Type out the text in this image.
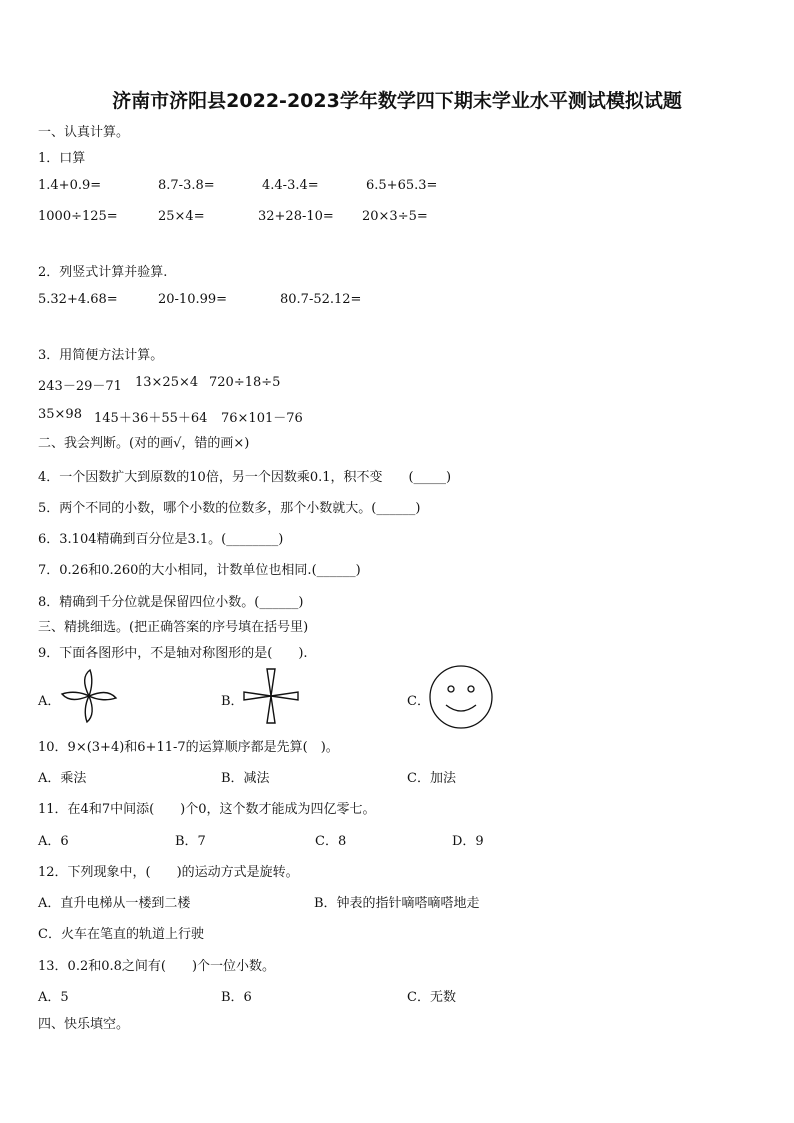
济南市济阳县2022-2023学年数学四下期末学业水平测试模拟试题
一、认真计算。
1．口算
1.4+0.9=	8.7-3.8=	4.4-3.4=	6.5+65.3=
1000÷125=	25×4=	32+28-10= 20×3÷5=
2．列竖式计算并验算.
5.32+4.68=	20-10.99=	80.7-52.12=
3．用简便方法计算。
243－29－71 13×25×4 720÷18÷5
35×98 145＋36＋55＋64 76×101－76
二、我会判断。(对的画√，错的画×)
4．一个因数扩大到原数的10倍，另一个因数乘0.1，积不变　　(_____)
5．两个不同的小数，哪个小数的位数多，那个小数就大。(______)
6．3.104精确到百分位是3.1。(________)
7．0.26和0.260的大小相同，计数单位也相同.(______)
8．精确到千分位就是保留四位小数。(______)
三、精挑细选。(把正确答案的序号填在括号里)
9．下面各图形中，不是轴对称图形的是(　　).
A．	B．	C．
10．9×(3+4)和6+11-7的运算顺序都是先算(　)。
A．乘法	B．减法	C．加法
11．在4和7中间添(　　)个0，这个数才能成为四亿零七。
A．6	B．7	C．8	D．9
12．下列现象中，(　　)的运动方式是旋转。
A．直升电梯从一楼到二楼	B．钟表的指针嘀嗒嘀嗒地走
C．火车在笔直的轨道上行驶
13．0.2和0.8之间有(　　)个一位小数。
A．5	B．6	C．无数
四、快乐填空。
